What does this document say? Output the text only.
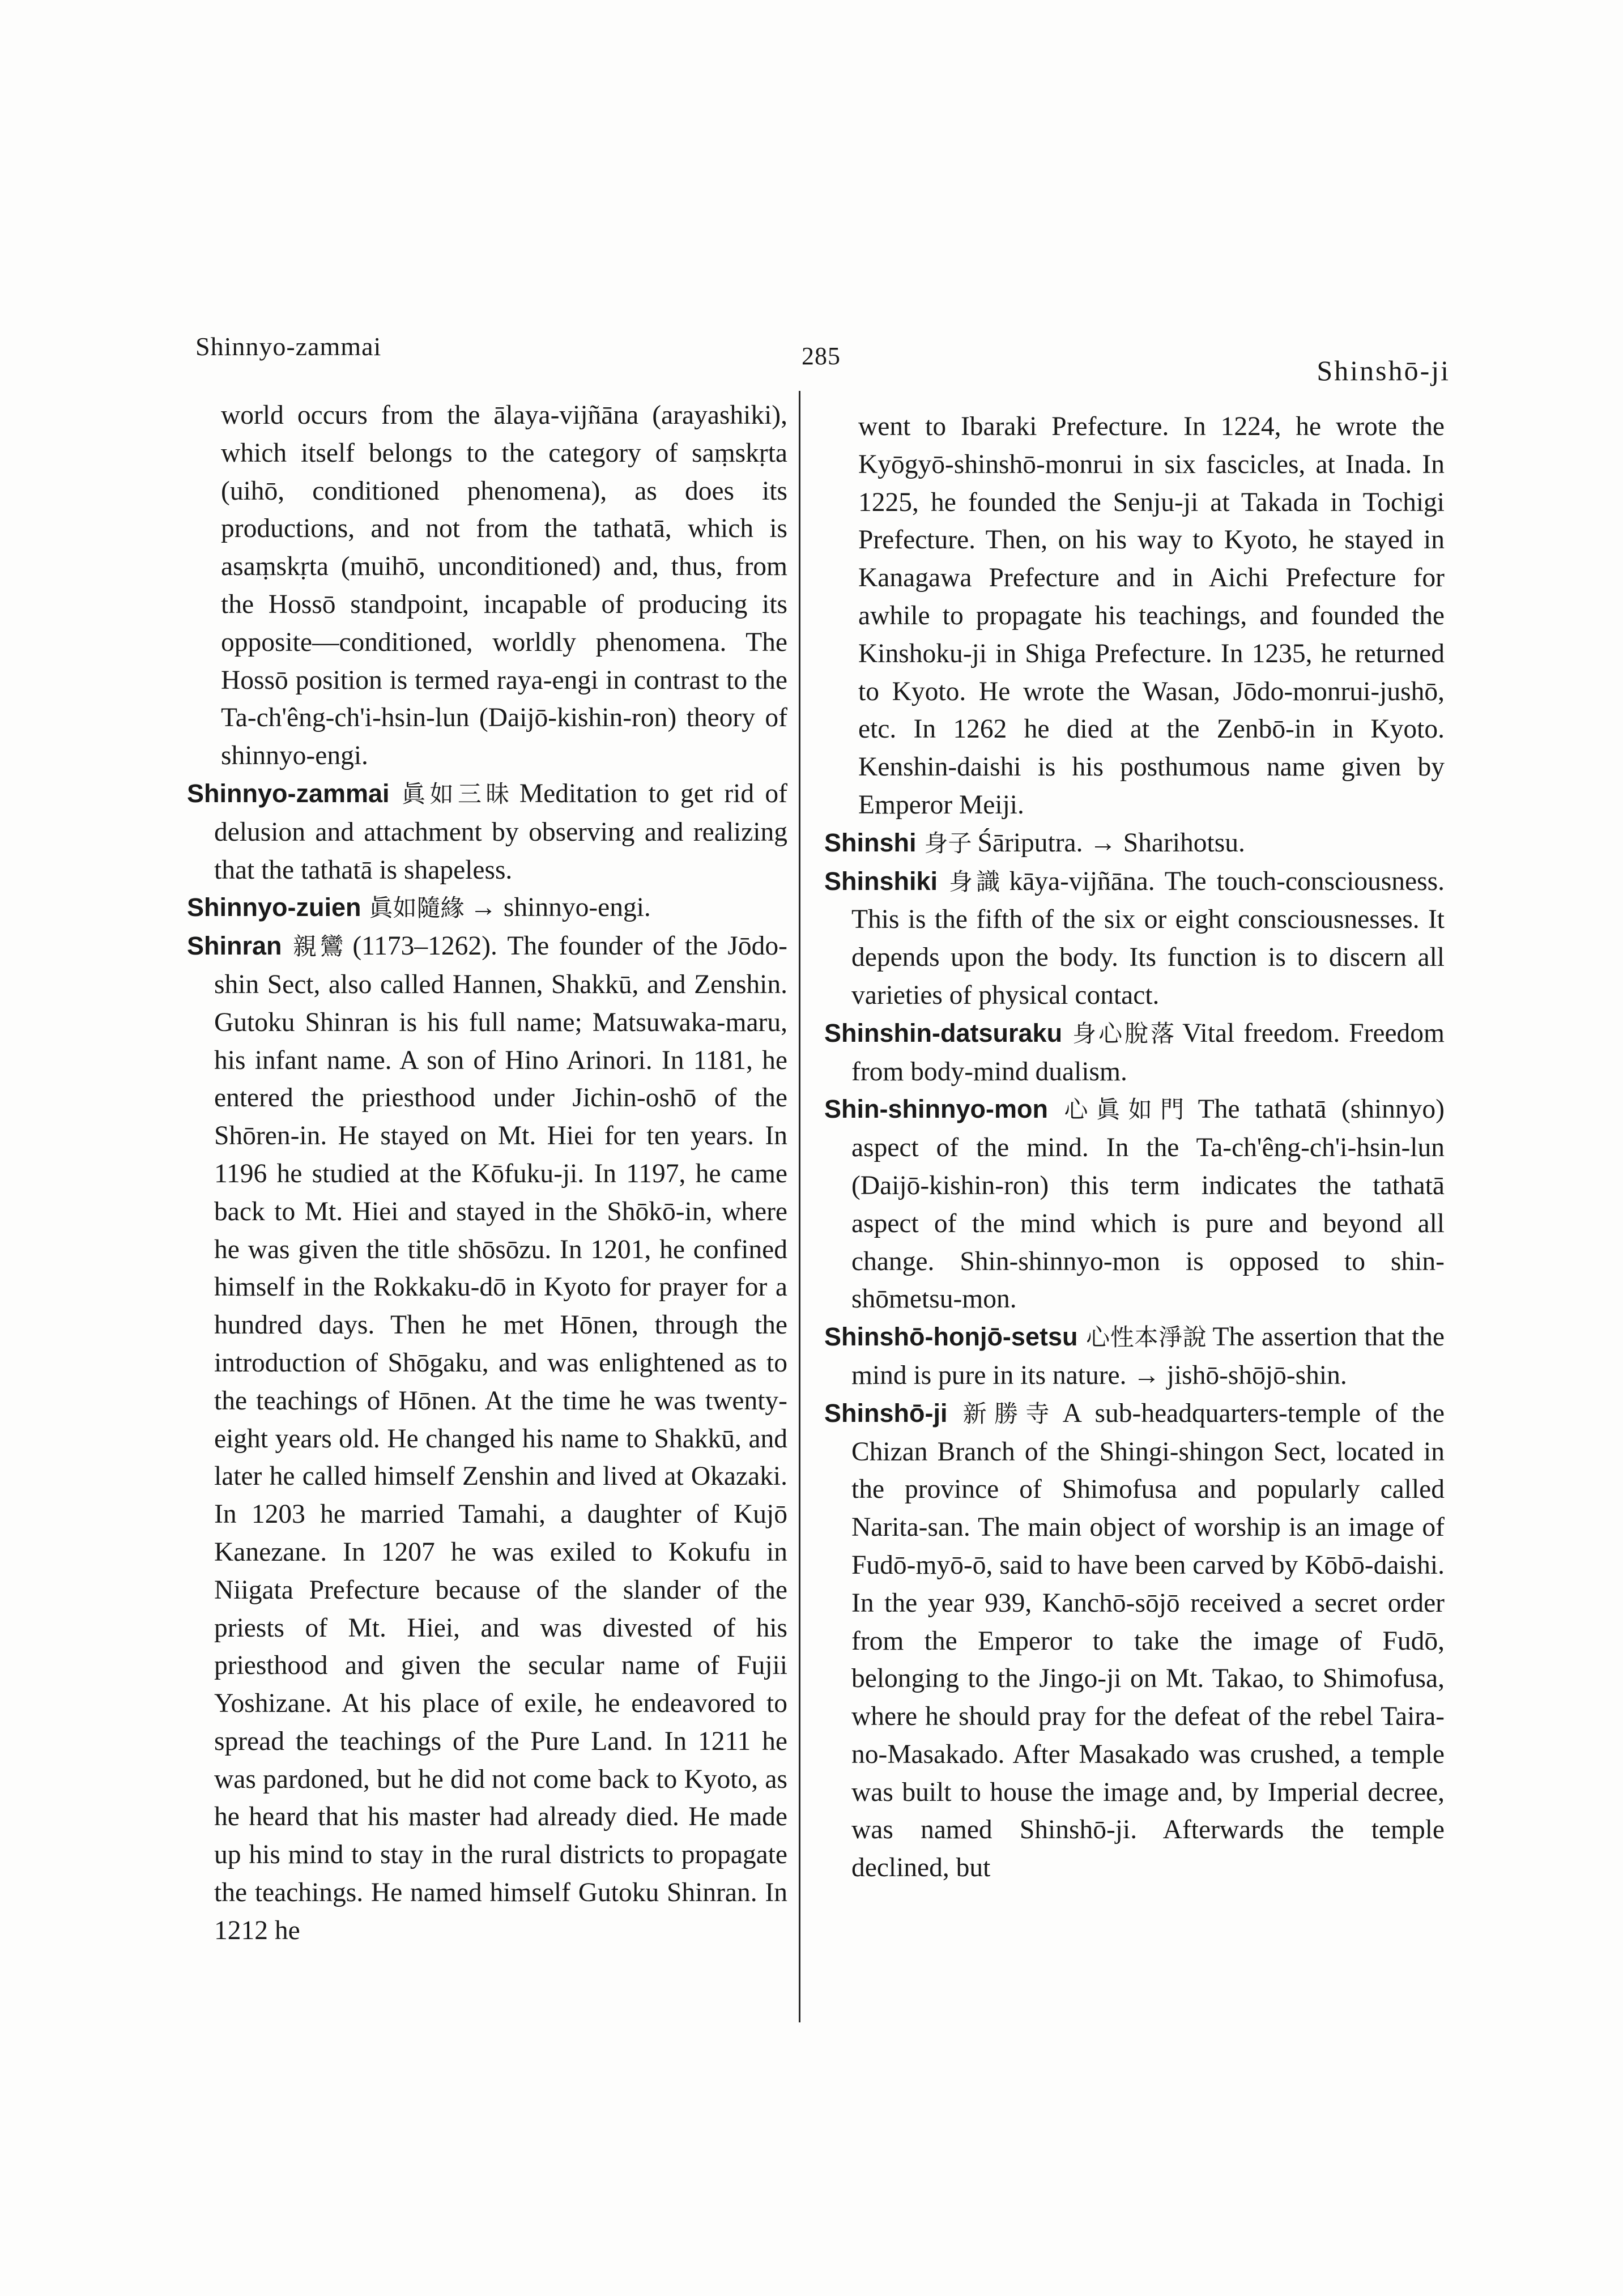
Shinnyo-zammai	285	Shinshō-ji

world occurs from the ālaya-vijñāna (arayashiki), which itself belongs to the category of saṃskṛta (uihō, conditioned phenomena), as does its productions, and not from the tathatā, which is asaṃskṛta (muihō, unconditioned) and, thus, from the Hossō standpoint, incapable of producing its opposite—conditioned, worldly phenomena. The Hossō position is termed raya-engi in contrast to the Ta-ch'êng-ch'i-hsin-lun (Daijō-kishin-ron) theory of shinnyo-engi.

Shinnyo-zammai 眞如三昧 Meditation to get rid of delusion and attachment by observing and realizing that the tathatā is shapeless.

Shinnyo-zuien 眞如隨緣 → shinnyo-engi.

Shinran 親鸞 (1173–1262). The founder of the Jōdo-shin Sect, also called Hannen, Shakkū, and Zenshin. Gutoku Shinran is his full name; Matsuwaka-maru, his infant name. A son of Hino Arinori. In 1181, he entered the priesthood under Jichin-oshō of the Shōren-in. He stayed on Mt. Hiei for ten years. In 1196 he studied at the Kōfuku-ji. In 1197, he came back to Mt. Hiei and stayed in the Shōkō-in, where he was given the title shōsōzu. In 1201, he confined himself in the Rokkaku-dō in Kyoto for prayer for a hundred days. Then he met Hōnen, through the introduction of Shōgaku, and was enlightened as to the teachings of Hōnen. At the time he was twenty-eight years old. He changed his name to Shakkū, and later he called himself Zenshin and lived at Okazaki. In 1203 he married Tamahi, a daughter of Kujō Kanezane. In 1207 he was exiled to Kokufu in Niigata Prefecture because of the slander of the priests of Mt. Hiei, and was divested of his priesthood and given the secular name of Fujii Yoshizane. At his place of exile, he endeavored to spread the teachings of the Pure Land. In 1211 he was pardoned, but he did not come back to Kyoto, as he heard that his master had already died. He made up his mind to stay in the rural districts to propagate the teachings. He named himself Gutoku Shinran. In 1212 he

went to Ibaraki Prefecture. In 1224, he wrote the Kyōgyō-shinshō-monrui in six fascicles, at Inada. In 1225, he founded the Senju-ji at Takada in Tochigi Prefecture. Then, on his way to Kyoto, he stayed in Kanagawa Prefecture and in Aichi Prefecture for awhile to propagate his teachings, and founded the Kinshoku-ji in Shiga Prefecture. In 1235, he returned to Kyoto. He wrote the Wasan, Jōdo-monrui-jushō, etc. In 1262 he died at the Zenbō-in in Kyoto. Kenshin-daishi is his posthumous name given by Emperor Meiji.

Shinshi 身子 Śāriputra. → Sharihotsu.

Shinshiki 身識 kāya-vijñāna. The touch-consciousness. This is the fifth of the six or eight consciousnesses. It depends upon the body. Its function is to discern all varieties of physical contact.

Shinshin-datsuraku 身心脫落 Vital freedom. Freedom from body-mind dualism.

Shin-shinnyo-mon 心眞如門 The tathatā (shinnyo) aspect of the mind. In the Ta-ch'êng-ch'i-hsin-lun (Daijō-kishin-ron) this term indicates the tathatā aspect of the mind which is pure and beyond all change. Shin-shinnyo-mon is opposed to shin-shōmetsu-mon.

Shinshō-honjō-setsu 心性本淨說 The assertion that the mind is pure in its nature. → jishō-shōjō-shin.

Shinshō-ji 新勝寺 A sub-headquarters-temple of the Chizan Branch of the Shingi-shingon Sect, located in the province of Shimofusa and popularly called Narita-san. The main object of worship is an image of Fudō-myō-ō, said to have been carved by Kōbō-daishi. In the year 939, Kanchō-sōjō received a secret order from the Emperor to take the image of Fudō, belonging to the Jingo-ji on Mt. Takao, to Shimofusa, where he should pray for the defeat of the rebel Taira-no-Masakado. After Masakado was crushed, a temple was built to house the image and, by Imperial decree, was named Shinshō-ji. Afterwards the temple declined, but
